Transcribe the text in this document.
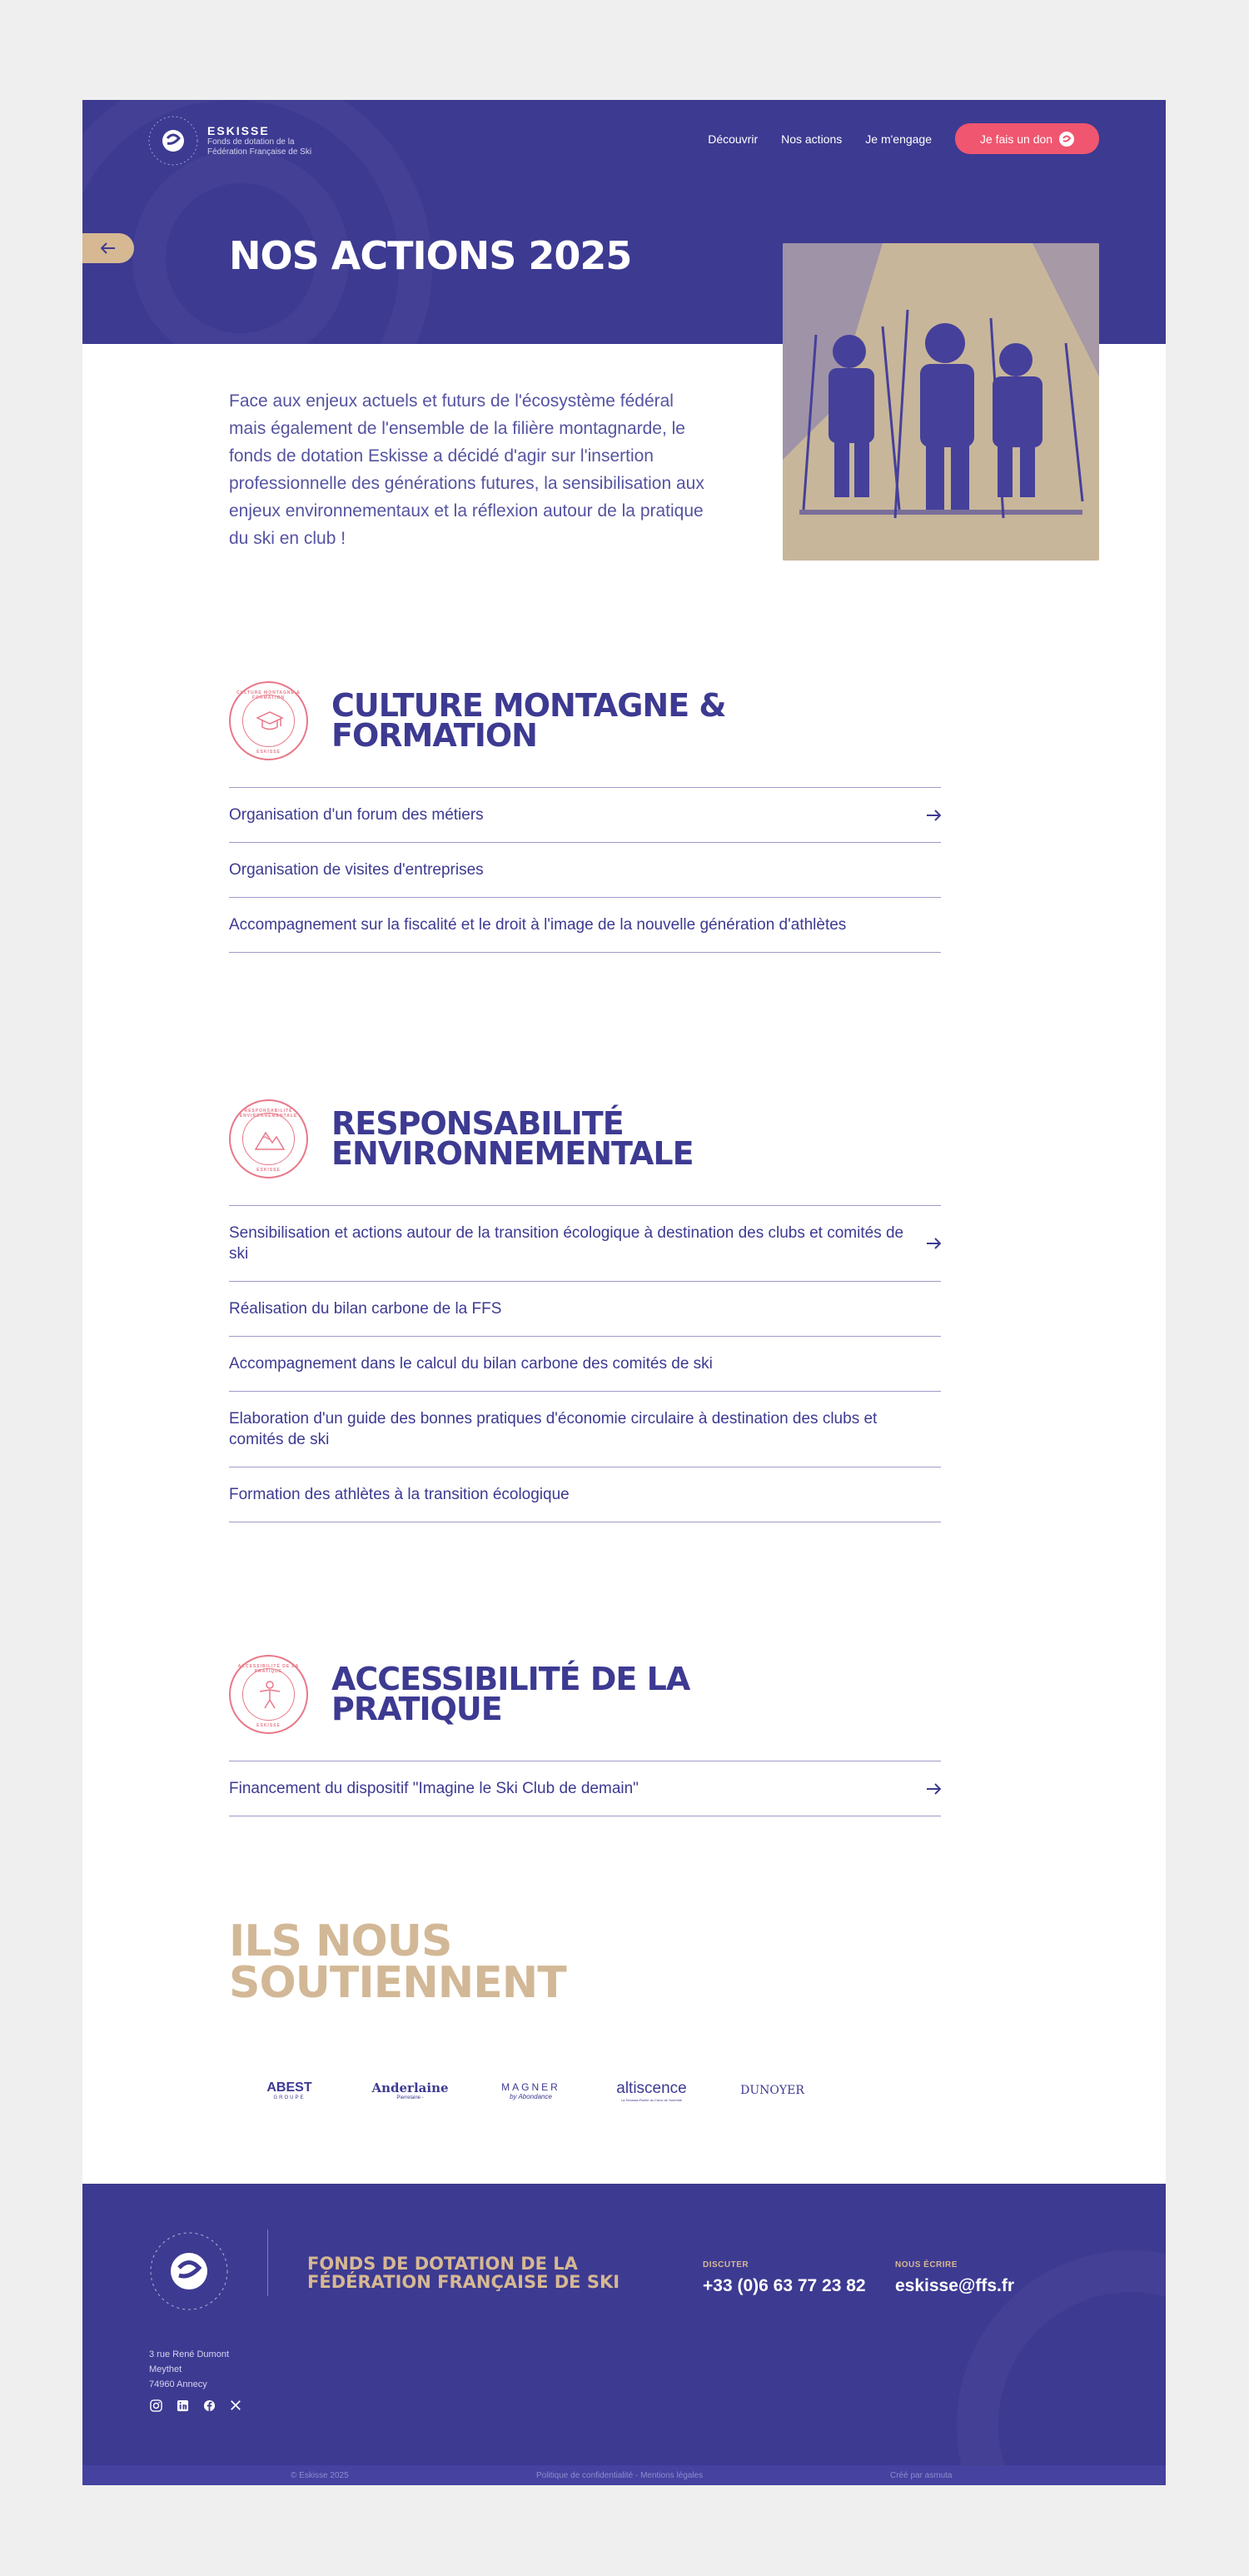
ESKISSE
Fonds de dotation de la
Fédération Française de Ski
Découvrir Nos actions Je m'engage	Je fais un don
NOS ACTIONS 2025

Face aux enjeux actuels et futurs de l'écosystème fédéral mais également de l'ensemble de la filière montagnarde, le fonds de dotation Eskisse a décidé d'agir sur l'insertion professionnelle des générations futures, la sensibilisation aux enjeux environnementaux et la réflexion autour de la pratique du ski en club !

CULTURE MONTAGNE & FORMATION
ESKISSE
CULTURE MONTAGNE &
FORMATION
Organisation d'un forum des métiers
Organisation de visites d'entreprises
Accompagnement sur la fiscalité et le droit à l'image de la nouvelle génération d'athlètes
RESPONSABILITÉ ENVIRONNEMENTALE
ESKISSE
RESPONSABILITÉ
ENVIRONNEMENTALE
Sensibilisation et actions autour de la transition écologique à destination des clubs et comités de ski
Réalisation du bilan carbone de la FFS
Accompagnement dans le calcul du bilan carbone des comités de ski
Elaboration d'un guide des bonnes pratiques d'économie circulaire à destination des clubs et comités de ski
Formation des athlètes à la transition écologique
ACCESSIBILITÉ DE LA PRATIQUE
ESKISSE
ACCESSIBILITÉ DE LA
PRATIQUE
Financement du dispositif "Imagine le Ski Club de demain"
ILS NOUS
SOUTIENNENT
ABEST
GROUPE
Anderlaine
Pierrelaine -
MAGNER
by Abondance	altiscence
La Terrasse-Ruelle du Cœur de Yosemite
DUNOYER
FONDS DE DOTATION DE LA
FÉDÉRATION FRANÇAISE DE SKI
DISCUTER
+33 (0)6 63 77 23 82
NOUS ÉCRIRE
eskisse@ffs.fr
3 rue René Dumont
Meythet
74960 Annecy
© Eskisse 2025	Politique de confidentialité - Mentions légales	Créé par asmuta
